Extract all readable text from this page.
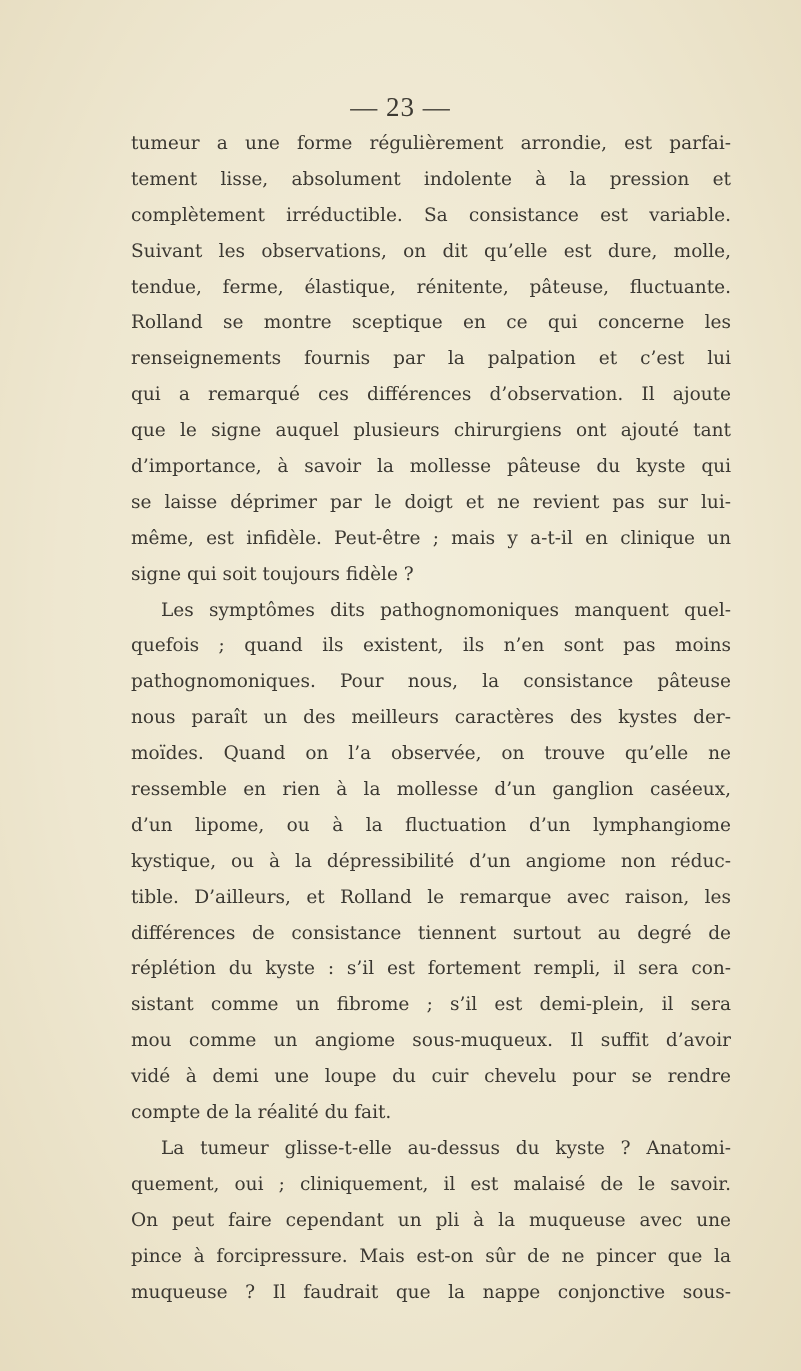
— 23 —
tumeur a une forme régulièrement arrondie, est parfai-
tement lisse, absolument indolente à la pression et
complètement irréductible. Sa consistance est variable.
Suivant les observations, on dit qu’elle est dure, molle,
tendue, ferme, élastique, rénitente, pâteuse, fluctuante.
Rolland se montre sceptique en ce qui concerne les
renseignements fournis par la palpation et c’est lui
qui a remarqué ces différences d’observation. Il ajoute
que le signe auquel plusieurs chirurgiens ont ajouté tant
d’importance, à savoir la mollesse pâteuse du kyste qui
se laisse déprimer par le doigt et ne revient pas sur lui-
même, est infidèle. Peut-être ; mais y a-t-il en clinique un
signe qui soit toujours fidèle ?
Les symptômes dits pathognomoniques manquent quel-
quefois ; quand ils existent, ils n’en sont pas moins
pathognomoniques. Pour nous, la consistance pâteuse
nous paraît un des meilleurs caractères des kystes der-
moïdes. Quand on l’a observée, on trouve qu’elle ne
ressemble en rien à la mollesse d’un ganglion caséeux,
d’un lipome, ou à la fluctuation d’un lymphangiome
kystique, ou à la dépressibilité d’un angiome non réduc-
tible. D’ailleurs, et Rolland le remarque avec raison, les
différences de consistance tiennent surtout au degré de
réplétion du kyste : s’il est fortement rempli, il sera con-
sistant comme un fibrome ; s’il est demi-plein, il sera
mou comme un angiome sous-muqueux. Il suffit d’avoir
vidé à demi une loupe du cuir chevelu pour se rendre
compte de la réalité du fait.
La tumeur glisse-t-elle au-dessus du kyste ? Anatomi-
quement, oui ; cliniquement, il est malaisé de le savoir.
On peut faire cependant un pli à la muqueuse avec une
pince à forcipressure. Mais est-on sûr de ne pincer que la
muqueuse ? Il faudrait que la nappe conjonctive sous-
